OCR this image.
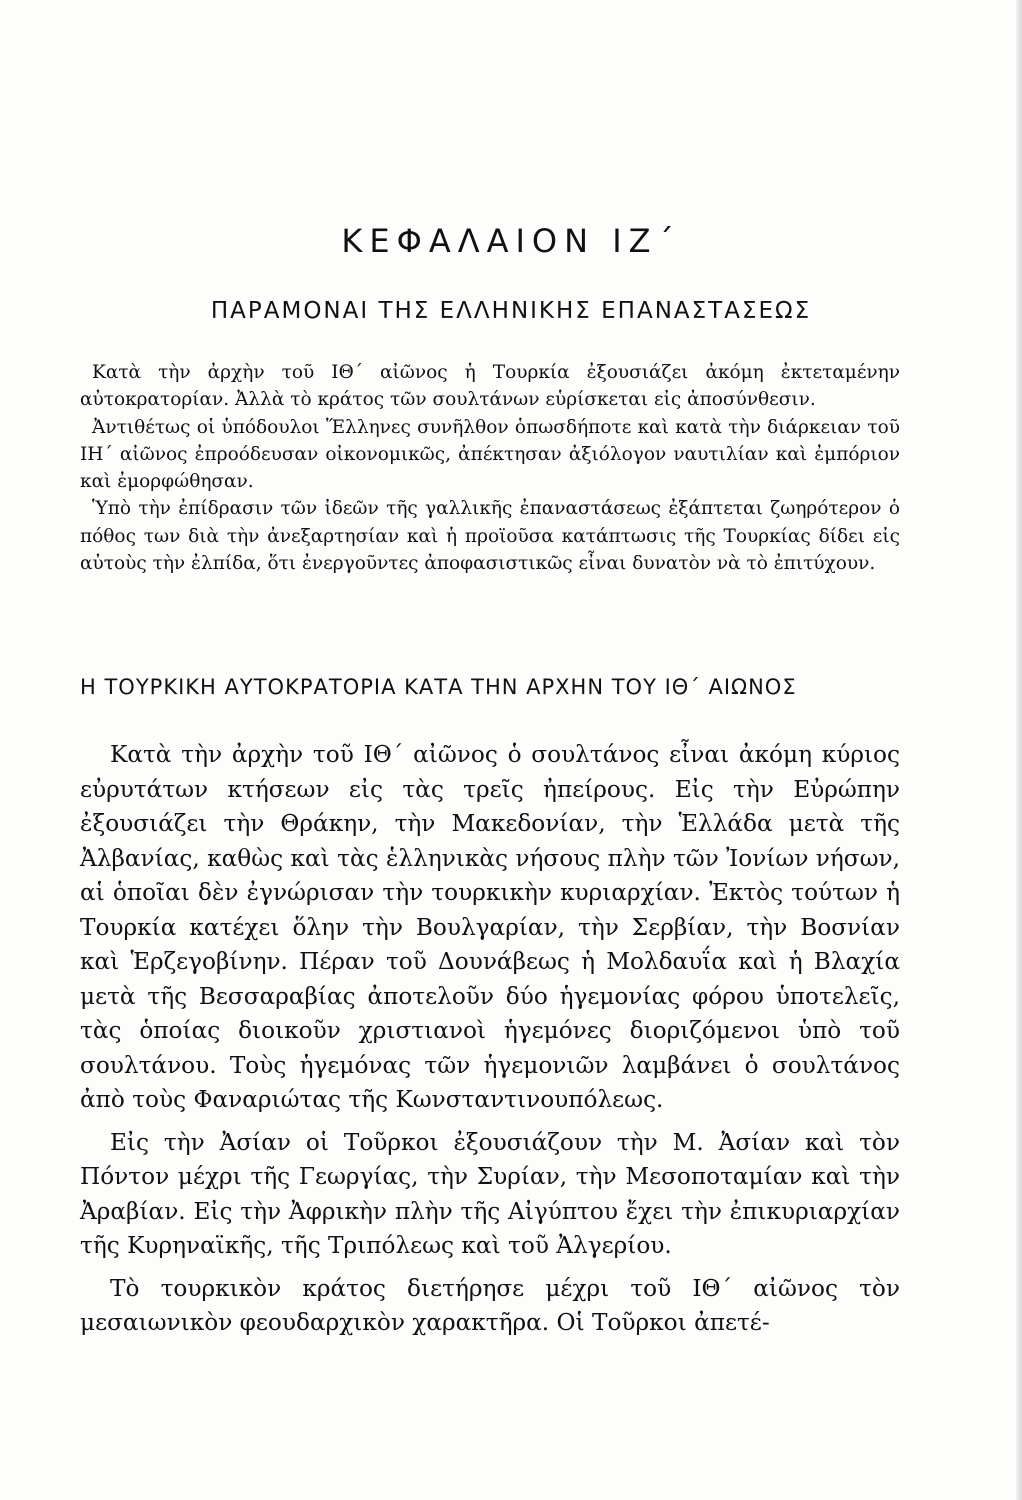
ΚΕΦΑΛΑΙΟΝ ΙΖ΄
ΠΑΡΑΜΟΝΑΙ ΤΗΣ ΕΛΛΗΝΙΚΗΣ ΕΠΑΝΑΣΤΑΣΕΩΣ

Κατὰ τὴν ἀρχὴν τοῦ ΙΘ΄ αἰῶνος ἡ Τουρκία ἐξουσιάζει ἀκόμη ἐκτεταμένην αὐτοκρατορίαν. Ἀλλὰ τὸ κράτος τῶν σουλτάνων εὑρίσκεται εἰς ἀποσύνθεσιν.

Ἀντιθέτως οἱ ὑπόδουλοι Ἕλληνες συνῆλθον ὁπωσδήποτε καὶ κατὰ τὴν διάρκειαν τοῦ ΙΗ΄ αἰῶνος ἐπροόδευσαν οἰκονομικῶς, ἀπέκτησαν ἀξιόλογον ναυτιλίαν καὶ ἐμπόριον καὶ ἐμορφώθησαν.

Ὑπὸ τὴν ἐπίδρασιν τῶν ἰδεῶν τῆς γαλλικῆς ἐπαναστάσεως ἐξάπτεται ζωηρότερον ὁ πόθος των διὰ τὴν ἀνεξαρτησίαν καὶ ἡ προϊοῦσα κατάπτωσις τῆς Τουρκίας δίδει εἰς αὐτοὺς τὴν ἐλπίδα, ὅτι ἐνεργοῦντες ἀποφασιστικῶς εἶναι δυνατὸν νὰ τὸ ἐπιτύχουν.

Η ΤΟΥΡΚΙΚΗ ΑΥΤΟΚΡΑΤΟΡΙΑ ΚΑΤΑ ΤΗΝ ΑΡΧΗΝ ΤΟΥ ΙΘ΄ ΑΙΩΝΟΣ

Κατὰ τὴν ἀρχὴν τοῦ ΙΘ΄ αἰῶνος ὁ σουλτάνος εἶναι ἀκόμη κύριος εὐρυτάτων κτήσεων εἰς τὰς τρεῖς ἠπείρους. Εἰς τὴν Εὐρώπην ἐξουσιάζει τὴν Θράκην, τὴν Μακεδονίαν, τὴν Ἑλλάδα μετὰ τῆς Ἀλβανίας, καθὼς καὶ τὰς ἑλληνικὰς νήσους πλὴν τῶν Ἰονίων νήσων, αἱ ὁποῖαι δὲν ἐγνώρισαν τὴν τουρκικὴν κυριαρχίαν. Ἐκτὸς τούτων ἡ Τουρκία κατέχει ὅλην τὴν Βουλγαρίαν, τὴν Σερβίαν, τὴν Βοσνίαν καὶ Ἑρζεγοβίνην. Πέραν τοῦ Δουνάβεως ἡ Μολδαυΐα καὶ ἡ Βλαχία μετὰ τῆς Βεσσαραβίας ἀποτελοῦν δύο ἡγεμονίας φόρου ὑποτελεῖς, τὰς ὁποίας διοικοῦν χριστιανοὶ ἡγεμόνες διοριζόμενοι ὑπὸ τοῦ σουλτάνου. Τοὺς ἡγεμόνας τῶν ἡγεμονιῶν λαμβάνει ὁ σουλτάνος ἀπὸ τοὺς Φαναριώτας τῆς Κωνσταντινουπόλεως.

Εἰς τὴν Ἀσίαν οἱ Τοῦρκοι ἐξουσιάζουν τὴν Μ. Ἀσίαν καὶ τὸν Πόντον μέχρι τῆς Γεωργίας, τὴν Συρίαν, τὴν Μεσοποταμίαν καὶ τὴν Ἀραβίαν. Εἰς τὴν Ἀφρικὴν πλὴν τῆς Αἰγύπτου ἔχει τὴν ἐπικυριαρχίαν τῆς Κυρηναϊκῆς, τῆς Τριπόλεως καὶ τοῦ Ἀλγερίου.

Τὸ τουρκικὸν κράτος διετήρησε μέχρι τοῦ ΙΘ΄ αἰῶνος τὸν μεσαιωνικὸν φεουδαρχικὸν χαρακτῆρα. Οἱ Τοῦρκοι ἀπετέ-
